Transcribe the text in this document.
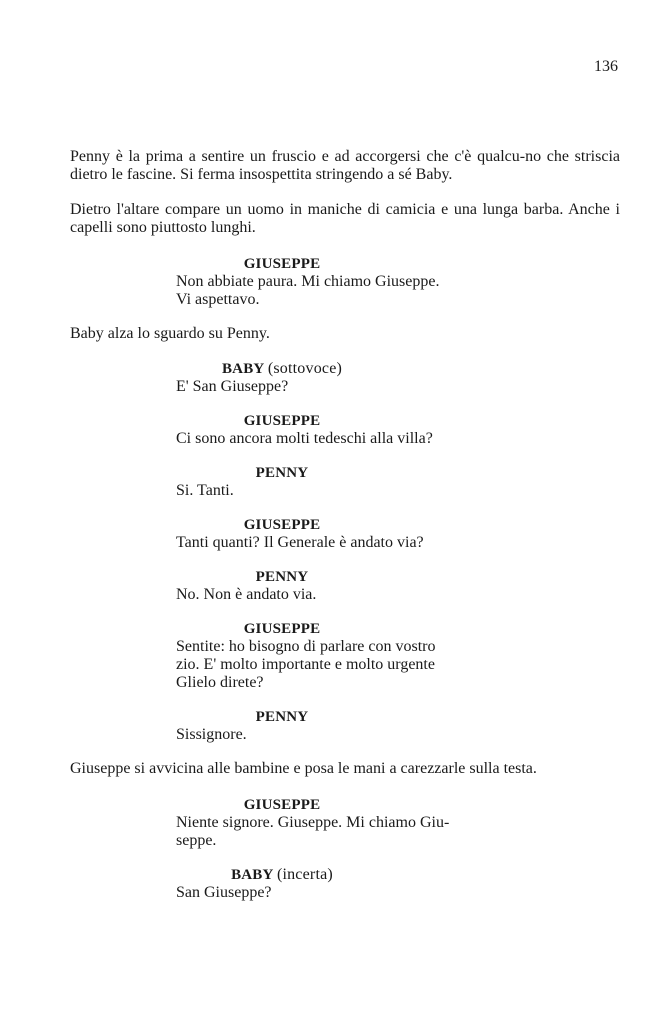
136

Penny è la prima a sentire un fruscio e ad accorgersi che c'è qualcu-no che striscia dietro le fascine. Si ferma insospettita stringendo a sé Baby.

Dietro l'altare compare un uomo in maniche di camicia e una lunga barba. Anche i capelli sono piuttosto lunghi.

GIUSEPPE
Non abbiate paura. Mi chiamo Giuseppe.
Vi aspettavo.

Baby alza lo sguardo su Penny.

BABY (sottovoce)
E' San Giuseppe?
GIUSEPPE
Ci sono ancora molti tedeschi alla villa?
PENNY
Si. Tanti.
GIUSEPPE
Tanti quanti? Il Generale è andato via?
PENNY
No. Non è andato via.
GIUSEPPE
Sentite: ho bisogno di parlare con vostro
zio. E' molto importante e molto urgente
Glielo direte?
PENNY
Sissignore.

Giuseppe si avvicina alle bambine e posa le mani a carezzarle sulla testa.

GIUSEPPE
Niente signore. Giuseppe. Mi chiamo Giu-
seppe.
BABY (incerta)
San Giuseppe?
